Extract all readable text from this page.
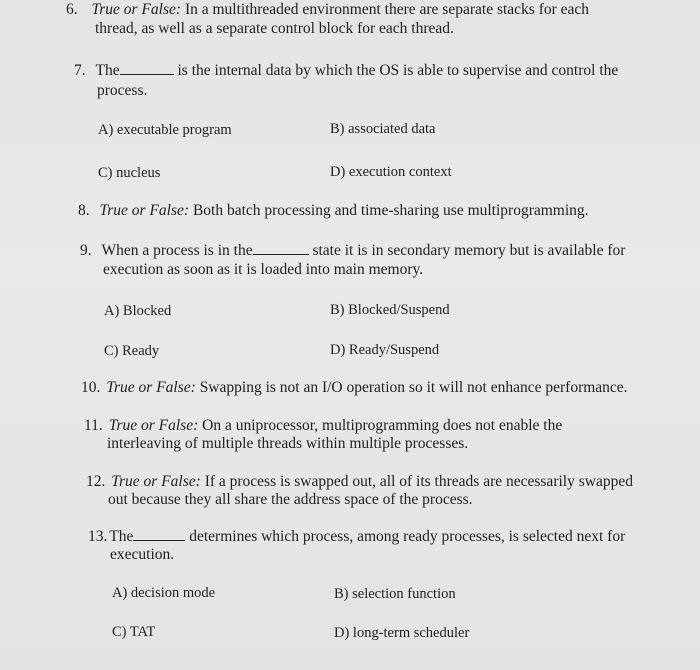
6. True or False: In a multithreaded environment there are separate stacks for each
thread, as well as a separate control block for each thread.
7. The	is the internal data by which the OS is able to supervise and control the
process.
A) executable program	B) associated data
C) nucleus	D) execution context
8. True or False: Both batch processing and time-sharing use multiprogramming.
9. When a process is in the	state it is in secondary memory but is available for
execution as soon as it is loaded into main memory.
A) Blocked	B) Blocked/Suspend
C) Ready	D) Ready/Suspend
10. True or False: Swapping is not an I/O operation so it will not enhance performance.
11. True or False: On a uniprocessor, multiprogramming does not enable the
interleaving of multiple threads within multiple processes.
12. True or False: If a process is swapped out, all of its threads are necessarily swapped
out because they all share the address space of the process.
13. The	determines which process, among ready processes, is selected next for
execution.
A) decision mode	B) selection function
C) TAT	D) long-term scheduler
